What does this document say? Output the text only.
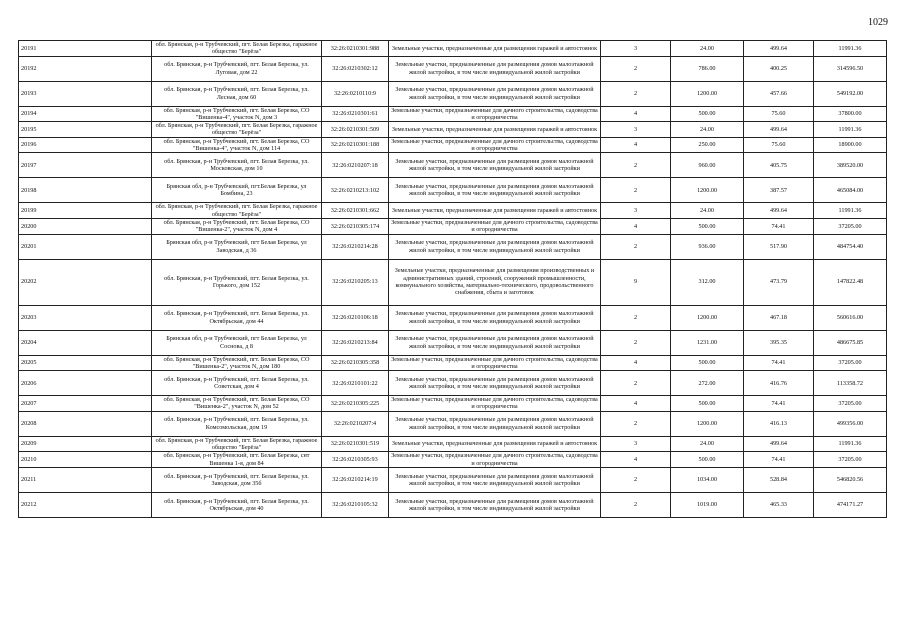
1029
20191	обл. Брянская, р-н Трубчевский, пгт. Белая Березка, гаражное общество "Берёза"	32:26:0210301:988	Земельные участки, предназначенные для размещения гаражей и автостоянок	3	24.00	499.64	11991.36
20192	обл. Брянская, р-н Трубчевский, пгт. Белая Березка, ул. Луговая, дом 22	32:26:0210302:12	Земельные участки, предназначенные для размещения домов малоэтажной жилой застройки, в том числе индивидуальной жилой застройки	2	786.00	400.25	314596.50
20193	обл. Брянская, р-н Трубчевский, пгт. Белая Березка, ул. Лесная, дом 60	32:26:0210110:9	Земельные участки, предназначенные для размещения домов малоэтажной жилой застройки, в том числе индивидуальной жилой застройки	2	1200.00	457.66	549192.00
20194	обл. Брянская, р-н Трубчевский, пгт. Белая Березка, СО "Вишенка-4", участок N, дом 3	32:26:0210301:61	Земельные участки, предназначенные для дачного строительства, садоводства и огородничества	4	500.00	75.60	37800.00
20195	обл. Брянская, р-н Трубчевский, пгт. Белая Березка, гаражное общество "Берёза"	32:26:0210301:509	Земельные участки, предназначенные для размещения гаражей и автостоянок	3	24.00	499.64	11991.36
20196	обл. Брянская, р-н Трубчевский, пгт. Белая Березка, СО "Вишенка-4", участок N, дом 114	32:26:0210301:188	Земельные участки, предназначенные для дачного строительства, садоводства и огородничества	4	250.00	75.60	18900.00
20197	обл. Брянская, р-н Трубчевский, пгт. Белая Березка, ул. Московская, дом 10	32:26:0210207:18	Земельные участки, предназначенные для размещения домов малоэтажной жилой застройки, в том числе индивидуальной жилой застройки	2	960.00	405.75	389520.00
20198	Брянская обл, р-н Трубчевский, пгт.Белая Березка, ул Бомбина, 23	32:26:0210213:102	Земельные участки, предназначенные для размещения домов малоэтажной жилой застройки, в том числе индивидуальной жилой застройки	2	1200.00	387.57	465084.00
20199	обл. Брянская, р-н Трубчевский, пгт. Белая Березка, гаражное общество "Берёза"	32:26:0210301:662	Земельные участки, предназначенные для размещения гаражей и автостоянок	3	24.00	499.64	11991.36
20200	обл. Брянская, р-н Трубчевский, пгт. Белая Березка, СО "Вишенка-2", участок N, дом 4	32:26:0210305:174	Земельные участки, предназначенные для дачного строительства, садоводства и огородничества	4	500.00	74.41	37205.00
20201	Брянская обл, р-н Трубчевский, пгт Белая Березка, ул Заводская, д 36	32:26:0210214:28	Земельные участки, предназначенные для размещения домов малоэтажной жилой застройки, в том числе индивидуальной жилой застройки	2	936.00	517.90	484754.40
20202	обл. Брянская, р-н Трубчевский, пгт. Белая Березка, ул. Горького, дом 152	32:26:0210205:13	Земельные участки, предназначенные для размещения производственных и административных зданий, строений, сооружений промышленности, коммунального хозяйства, материально-технического, продовольственного снабжения, сбыта и заготовок	9	312.00	473.79	147822.48
20203	обл. Брянская, р-н Трубчевский, пгт. Белая Березка, ул. Октябрьская, дом 44	32:26:0210106:18	Земельные участки, предназначенные для размещения домов малоэтажной жилой застройки, в том числе индивидуальной жилой застройки	2	1200.00	467.18	560616.00
20204	Брянская обл, р-н Трубчевский, пгт Белая Березка, ул Соснова, д 8	32:26:0210213:84	Земельные участки, предназначенные для размещения домов малоэтажной жилой застройки, в том числе индивидуальной жилой застройки	2	1231.00	395.35	486675.85
20205	обл. Брянская, р-н Трубчевский, пгт. Белая Березка, СО "Вишенка-2", участок N, дом 180	32:26:0210305:358	Земельные участки, предназначенные для дачного строительства, садоводства и огородничества	4	500.00	74.41	37205.00
20206	обл. Брянская, р-н Трубчевский, пгт. Белая Березка, ул. Советская, дом 4	32:26:0210101:22	Земельные участки, предназначенные для размещения домов малоэтажной жилой застройки, в том числе индивидуальной жилой застройки	2	272.00	416.76	113358.72
20207	обл. Брянская, р-н Трубчевский, пгт. Белая Березка, СО "Вишенка-2", участок N, дом 52	32:26:0210305:225	Земельные участки, предназначенные для дачного строительства, садоводства и огородничества	4	500.00	74.41	37205.00
20208	обл. Брянская, р-н Трубчевский, пгт. Белая Березка, ул. Комсомольская, дом 19	32:26:0210207:4	Земельные участки, предназначенные для размещения домов малоэтажной жилой застройки, в том числе индивидуальной жилой застройки	2	1200.00	416.13	499356.00
20209	обл. Брянская, р-н Трубчевский, пгт. Белая Березка, гаражное общество "Берёза"	32:26:0210301:519	Земельные участки, предназначенные для размещения гаражей и автостоянок	3	24.00	499.64	11991.36
20210	обл. Брянская, р-н Трубчевский, пгт. Белая Березка, снт Вишенка 1-я, дом 84	32:26:0210305:93	Земельные участки, предназначенные для дачного строительства, садоводства и огородничества	4	500.00	74.41	37205.00
20211	обл. Брянская, р-н Трубчевский, пгт. Белая Березка, ул. Заводская, дом 35б	32:26:0210214:19	Земельные участки, предназначенные для размещения домов малоэтажной жилой застройки, в том числе индивидуальной жилой застройки	2	1034.00	528.84	546820.56
20212	обл. Брянская, р-н Трубчевский, пгт. Белая Березка, ул. Октябрьская, дом 40	32:26:0210105:32	Земельные участки, предназначенные для размещения домов малоэтажной жилой застройки, в том числе индивидуальной жилой застройки	2	1019.00	465.33	474171.27
